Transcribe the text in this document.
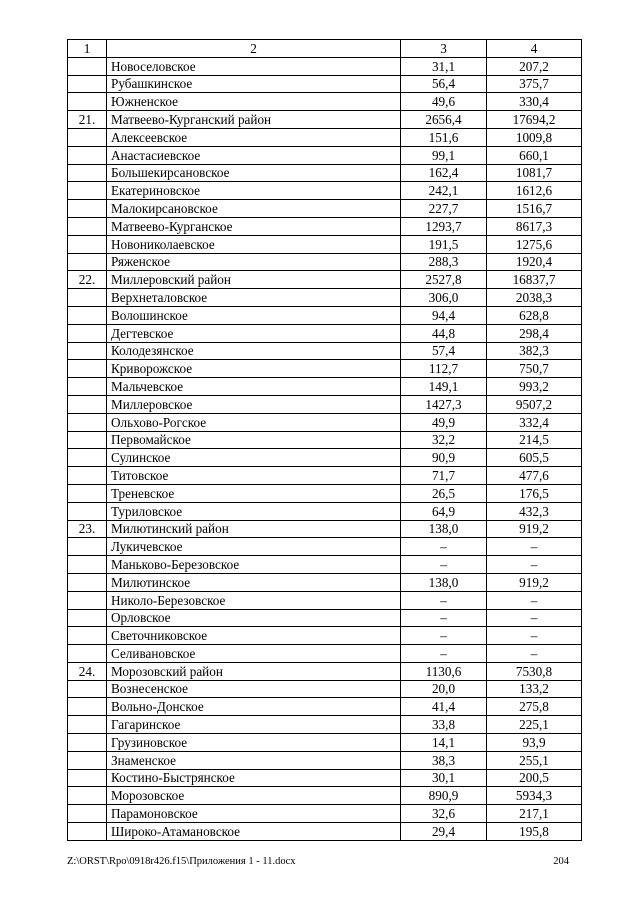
1	2	3	4
	Новоселовское	31,1	207,2
	Рубашкинское	56,4	375,7
	Южненское	49,6	330,4
21.	Матвеево-Курганский район	2656,4	17694,2
	Алексеевское	151,6	1009,8
	Анастасиевское	99,1	660,1
	Большекирсановское	162,4	1081,7
	Екатериновское	242,1	1612,6
	Малокирсановское	227,7	1516,7
	Матвеево-Курганское	1293,7	8617,3
	Новониколаевское	191,5	1275,6
	Ряженское	288,3	1920,4
22.	Миллеровский район	2527,8	16837,7
	Верхнеталовское	306,0	2038,3
	Волошинское	94,4	628,8
	Дегтевское	44,8	298,4
	Колодезянское	57,4	382,3
	Криворожское	112,7	750,7
	Мальчевское	149,1	993,2
	Миллеровское	1427,3	9507,2
	Ольхово-Рогское	49,9	332,4
	Первомайское	32,2	214,5
	Сулинское	90,9	605,5
	Титовское	71,7	477,6
	Треневское	26,5	176,5
	Туриловское	64,9	432,3
23.	Милютинский район	138,0	919,2
	Лукичевское	–	–
	Маньково-Березовское	–	–
	Милютинское	138,0	919,2
	Николо-Березовское	–	–
	Орловское	–	–
	Светочниковское	–	–
	Селивановское	–	–
24.	Морозовский район	1130,6	7530,8
	Вознесенское	20,0	133,2
	Вольно-Донское	41,4	275,8
	Гагаринское	33,8	225,1
	Грузиновское	14,1	93,9
	Знаменское	38,3	255,1
	Костино-Быстрянское	30,1	200,5
	Морозовское	890,9	5934,3
	Парамоновское	32,6	217,1
	Широко-Атамановское	29,4	195,8
Z:\ORST\Rpo\0918r426.f15\Приложения 1 - 11.docx	204
